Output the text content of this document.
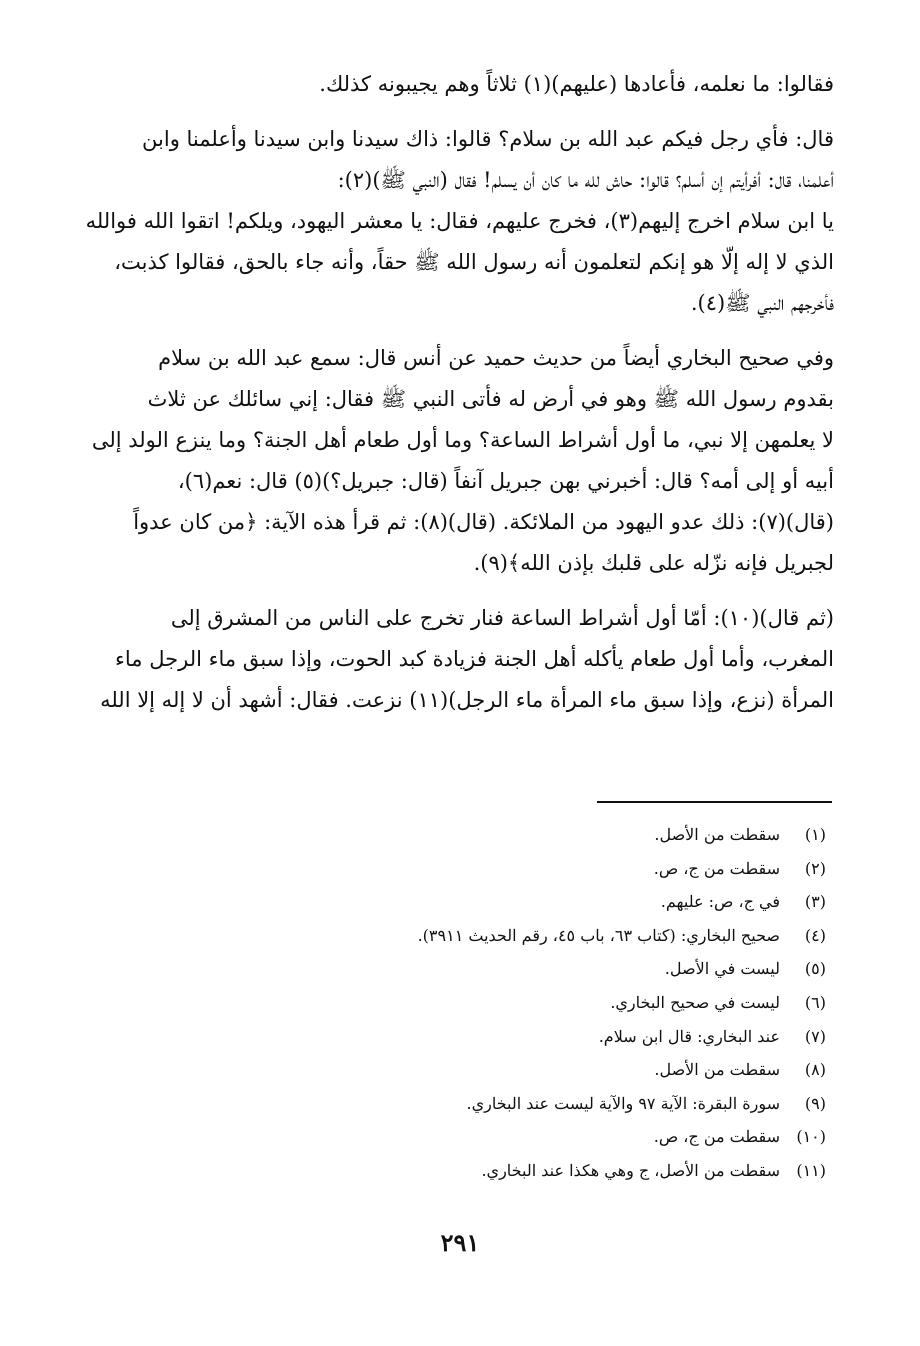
فقالوا: ما نعلمه، فأعادها (عليهم)(١) ثلاثاً وهم يجيبونه كذلك.
قال: فأي رجل فيكم عبد الله بن سلام؟ قالوا: ذاك سيدنا وابن سيدنا وأعلمنا وابن
أعلمنا، قال: أفرأيتم إن أسلم؟ قالوا: حاش لله ما كان أن يسلم! فقال (النبي ﷺ)(٢):
يا ابن سلام اخرج إليهم(٣)، فخرج عليهم، فقال: يا معشر اليهود، ويلكم! اتقوا الله فوالله
الذي لا إله إلّا هو إنكم لتعلمون أنه رسول الله ﷺ حقاً، وأنه جاء بالحق، فقالوا كذبت،
فأخرجهم النبي ﷺ(٤).
وفي صحيح البخاري أيضاً من حديث حميد عن أنس قال: سمع عبد الله بن سلام
بقدوم رسول الله ﷺ وهو في أرض له فأتى النبي ﷺ فقال: إني سائلك عن ثلاث
لا يعلمهن إلا نبي، ما أول أشراط الساعة؟ وما أول طعام أهل الجنة؟ وما ينزع الولد إلى
أبيه أو إلى أمه؟ قال: أخبرني بهن جبريل آنفاً (قال: جبريل؟)(٥) قال: نعم(٦)،
(قال)(٧): ذلك عدو اليهود من الملائكة. (قال)(٨): ثم قرأ هذه الآية: ﴿من كان عدواً
لجبريل فإنه نزّله على قلبك بإذن الله﴾(٩).
(ثم قال)(١٠): أمّا أول أشراط الساعة فنار تخرج على الناس من المشرق إلى
المغرب، وأما أول طعام يأكله أهل الجنة فزيادة كبد الحوت، وإذا سبق ماء الرجل ماء
المرأة (نزع، وإذا سبق ماء المرأة ماء الرجل)(١١) نزعت. فقال: أشهد أن لا إله إلا الله
(١)
سقطت من الأصل.
(٢)
سقطت من ج، ص.
(٣)
في ج، ص: عليهم.
(٤)
صحيح البخاري: (كتاب ٦٣، باب ٤٥، رقم الحديث ٣٩١١).
(٥)
ليست في الأصل.
(٦)
ليست في صحيح البخاري.
(٧)
عند البخاري: قال ابن سلام.
(٨)
سقطت من الأصل.
(٩)
سورة البقرة: الآية ٩٧ والآية ليست عند البخاري.
(١٠)
سقطت من ج، ص.
(١١)
سقطت من الأصل، ج وهي هكذا عند البخاري.
٢٩١
